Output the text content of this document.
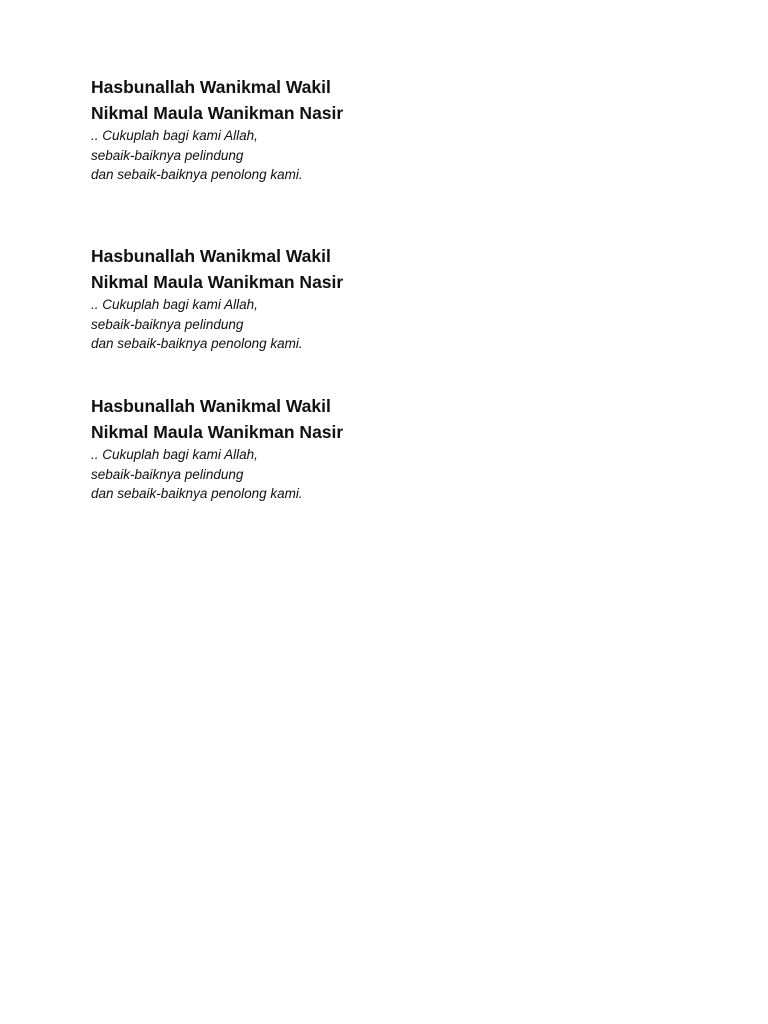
Hasbunallah Wanikmal Wakil

Nikmal Maula Wanikman Nasir

.. Cukuplah bagi kami Allah,

sebaik-baiknya pelindung

dan sebaik-baiknya penolong kami.

Hasbunallah Wanikmal Wakil

Nikmal Maula Wanikman Nasir

.. Cukuplah bagi kami Allah,

sebaik-baiknya pelindung

dan sebaik-baiknya penolong kami.

Hasbunallah Wanikmal Wakil

Nikmal Maula Wanikman Nasir

.. Cukuplah bagi kami Allah,

sebaik-baiknya pelindung

dan sebaik-baiknya penolong kami.
